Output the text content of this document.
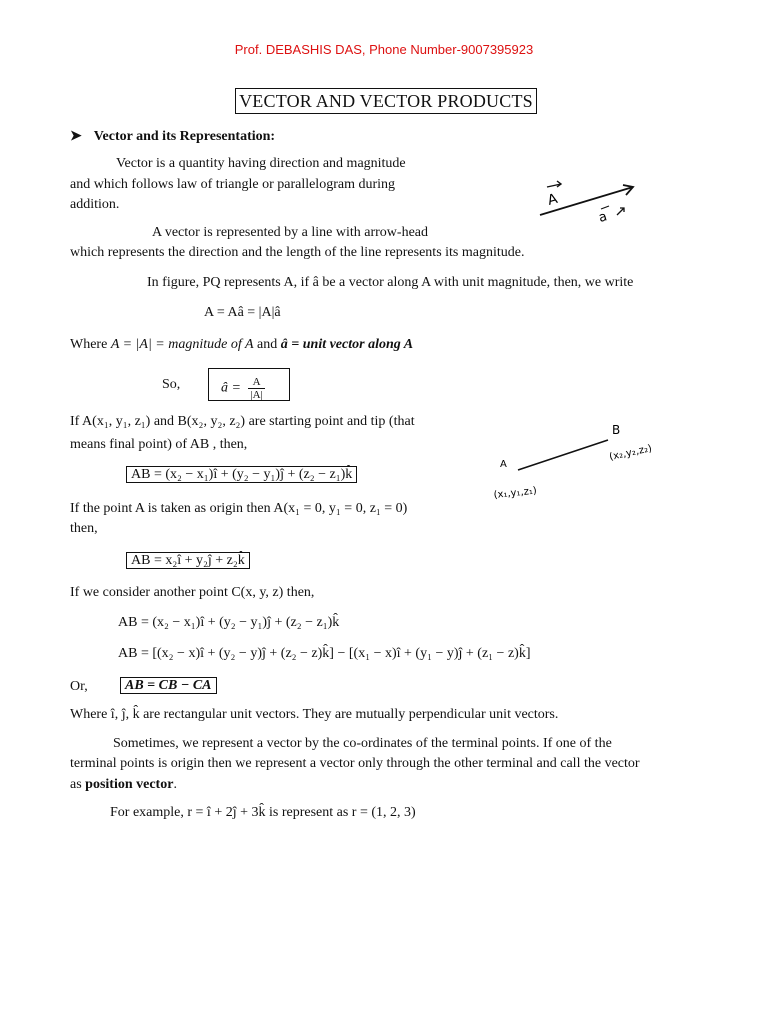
Prof. DEBASHIS DAS, Phone Number-9007395923
VECTOR AND VECTOR PRODUCTS
➤ Vector and its Representation:
Vector is a quantity having direction and magnitude
and which follows law of triangle or parallelogram during
addition.
A vector is represented by a line with arrow-head
which represents the direction and the length of the line represents its magnitude.
A
a
In figure, PQ represents A, if â be a vector along A with unit magnitude, then, we write
A = Aâ = |A|â
Where A = |A| = magnitude of A and â = unit vector along A
So,	â = $\frac{A}{|A|}$
If A(x₁, y₁, z₁) and B(x₂, y₂, z₂) are starting point and tip (that
means final point) of AB , then,
AB = (x₂ − x₁)î + (y₂ − y₁)ĵ + (z₂ − z₁)k̂
A
B
(x₁,y₁,z₁)
(x₂,y₂,z₂)
If the point A is taken as origin then A(x₁ = 0, y₁ = 0, z₁ = 0)
then,
AB = x₂î + y₂ĵ + z₂k̂
If we consider another point C(x, y, z) then,
AB = (x₂ − x₁)î + (y₂ − y₁)ĵ + (z₂ − z₁)k̂
AB = [(x₂ − x)î + (y₂ − y)ĵ + (z₂ − z)k̂] − [(x₁ − x)î + (y₁ − y)ĵ + (z₁ − z)k̂]
Or,	AB = CB − CA
Where î, ĵ, k̂ are rectangular unit vectors. They are mutually perpendicular unit vectors.
Sometimes, we represent a vector by the co-ordinates of the terminal points. If one of the
terminal points is origin then we represent a vector only through the other terminal and call the vector
as position vector.
For example, r = î + 2ĵ + 3k̂ is represent as r = (1, 2, 3)
